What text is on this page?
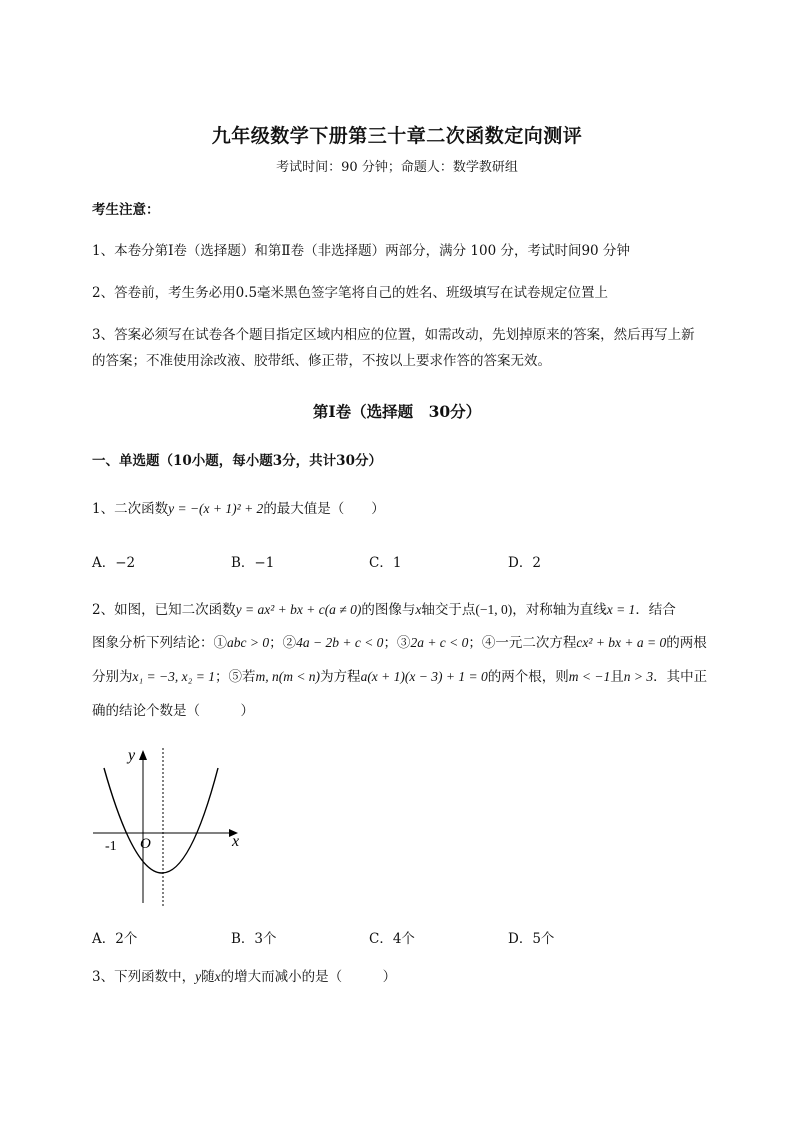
九年级数学下册第三十章二次函数定向测评
考试时间：90 分钟；命题人：数学教研组
考生注意：
1、本卷分第Ⅰ卷（选择题）和第Ⅱ卷（非选择题）两部分，满分 100 分，考试时间90 分钟
2、答卷前，考生务必用0.5毫米黑色签字笔将自己的姓名、班级填写在试卷规定位置上
3、答案必须写在试卷各个题目指定区域内相应的位置，如需改动，先划掉原来的答案，然后再写上新
的答案；不准使用涂改液、胶带纸、修正带，不按以上要求作答的答案无效。
第Ⅰ卷（选择题　30分）
一、单选题（10小题，每小题3分，共计30分）
1、二次函数y = −(x + 1)² + 2的最大值是（　　）
A．−2	B．−1	C．1	D．2
2、如图，已知二次函数y = ax² + bx + c(a ≠ 0)的图像与x轴交于点(−1, 0)，对称轴为直线x = 1．结合
图象分析下列结论：①abc > 0；②4a − 2b + c < 0；③2a + c < 0；④一元二次方程cx² + bx + a = 0的两根
分别为x₁ = −3, x₂ = 1；⑤若m, n(m < n)为方程a(x + 1)(x − 3) + 1 = 0的两个根，则m < −1且n > 3．其中正
确的结论个数是（　　　）
y
x
O
-1
A．2个	B．3个	C．4个	D．5个
3、下列函数中，y随x的增大而减小的是（　　　）
